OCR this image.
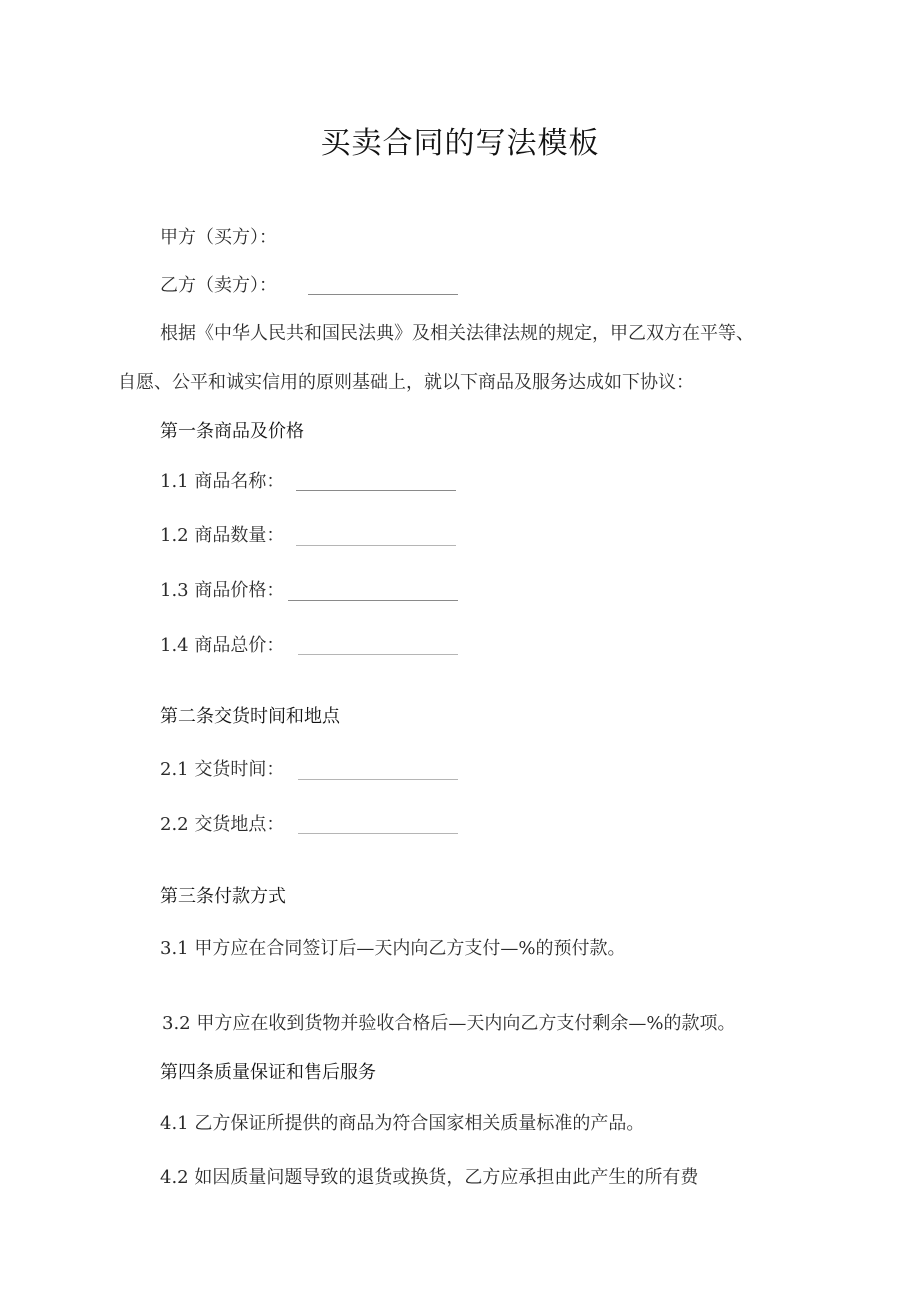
买卖合同的写法模板
甲方（买方）：
乙方（卖方）：
根据《中华人民共和国民法典》及相关法律法规的规定，甲乙双方在平等、
自愿、公平和诚实信用的原则基础上，就以下商品及服务达成如下协议：
第一条商品及价格
1.1 商品名称：
1.2 商品数量：
1.3 商品价格：
1.4 商品总价：
第二条交货时间和地点
2.1 交货时间：
2.2 交货地点：
第三条付款方式
3.1 甲方应在合同签订后—天内向乙方支付—%的预付款。
3.2 甲方应在收到货物并验收合格后—天内向乙方支付剩余—%的款项。
第四条质量保证和售后服务
4.1 乙方保证所提供的商品为符合国家相关质量标准的产品。
4.2 如因质量问题导致的退货或换货，乙方应承担由此产生的所有费
